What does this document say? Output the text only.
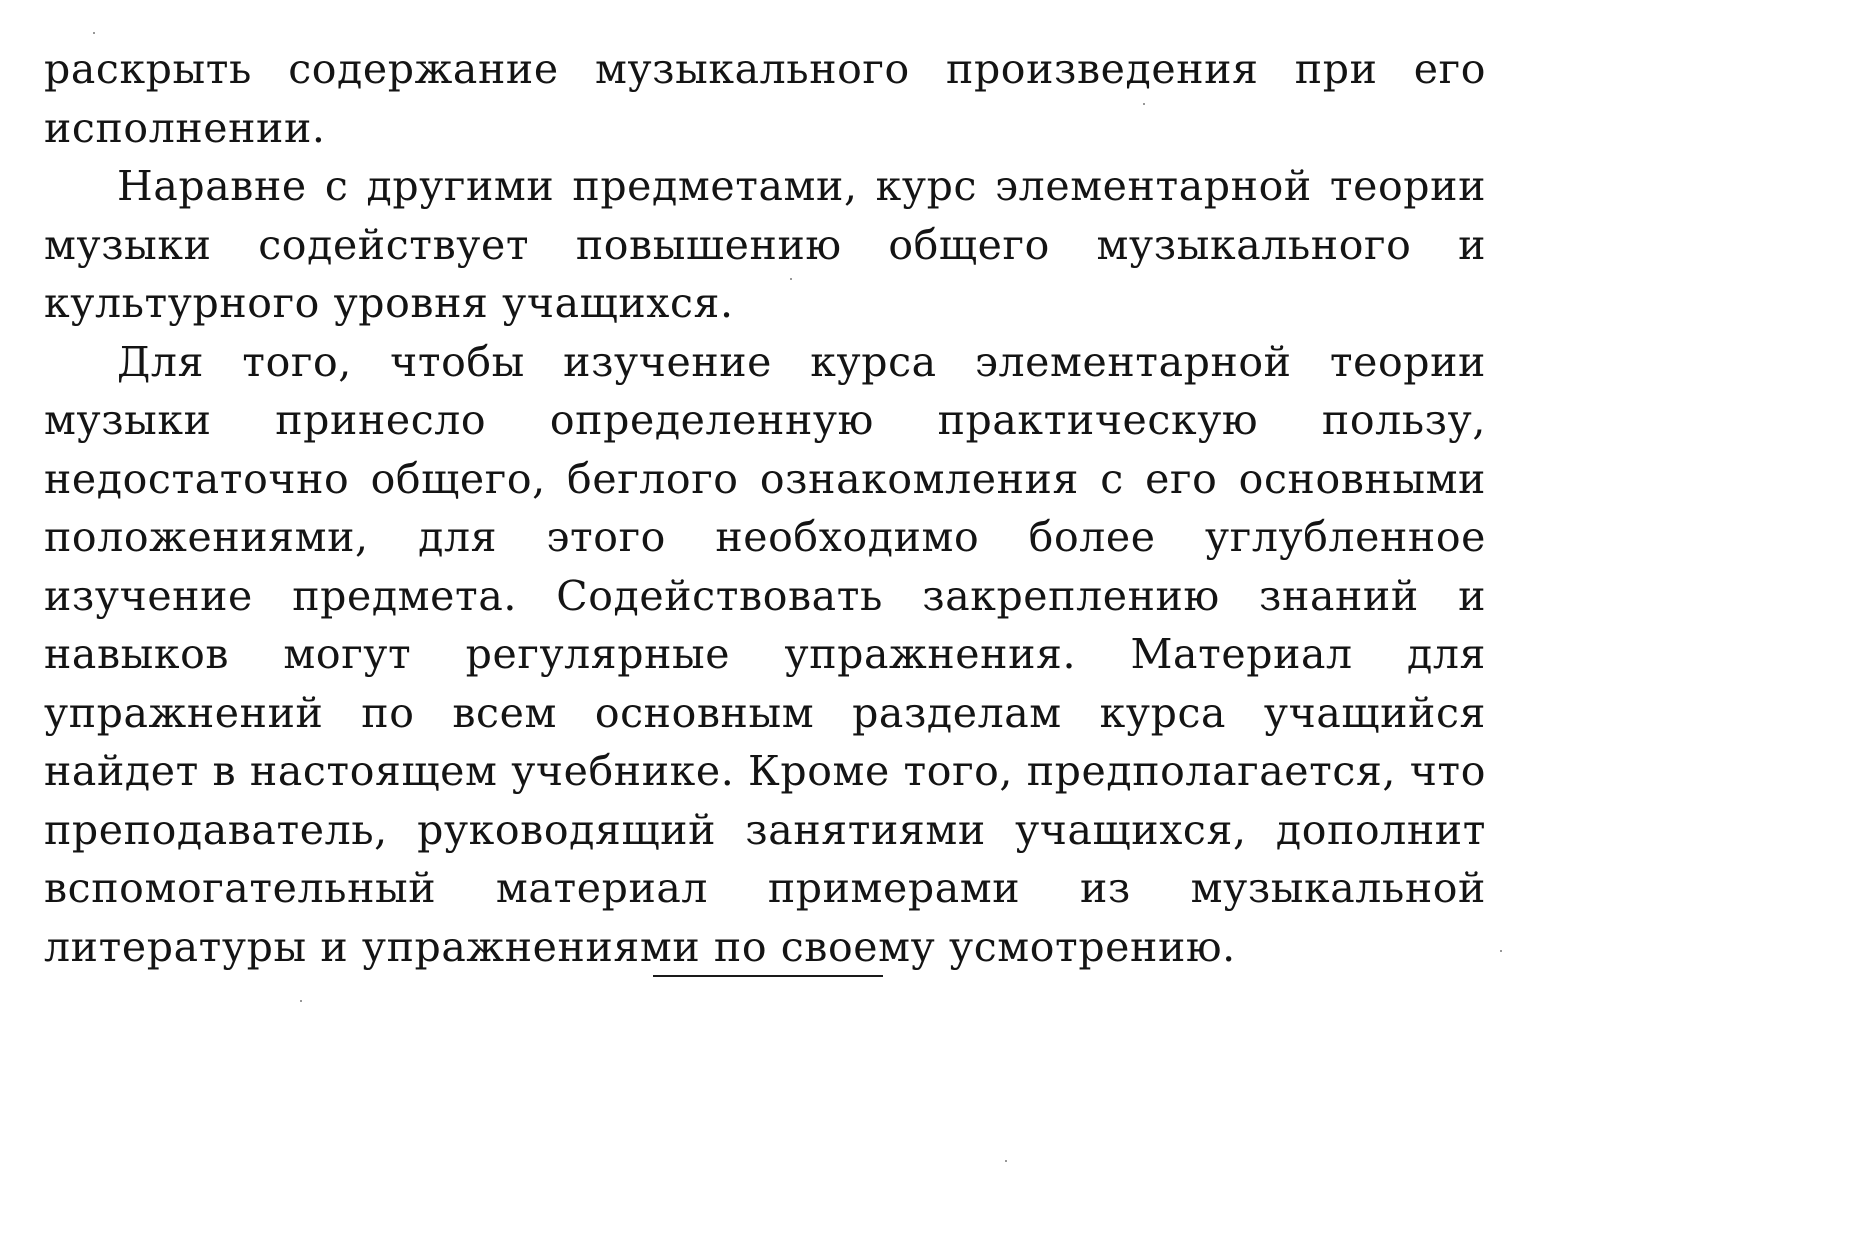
раскрыть содержание музыкального произведения при его исполнении.

Наравне с другими предметами, курс элементарной теории музыки содействует повышению общего музыкального и культурного уровня учащихся.

Для того, чтобы изучение курса элементарной теории музыки принесло определенную практическую пользу, недостаточно общего, беглого ознакомления с его основными положениями, для этого необходимо более углубленное изучение предмета. Содействовать закреплению знаний и навыков могут регулярные упражнения. Материал для упражнений по всем основным разделам курса учащийся найдет в настоящем учебнике. Кроме того, предполагается, что преподаватель, руководящий занятиями учащихся, дополнит вспомогательный материал примерами из музыкальной литературы и упражнениями по своему усмотрению.
